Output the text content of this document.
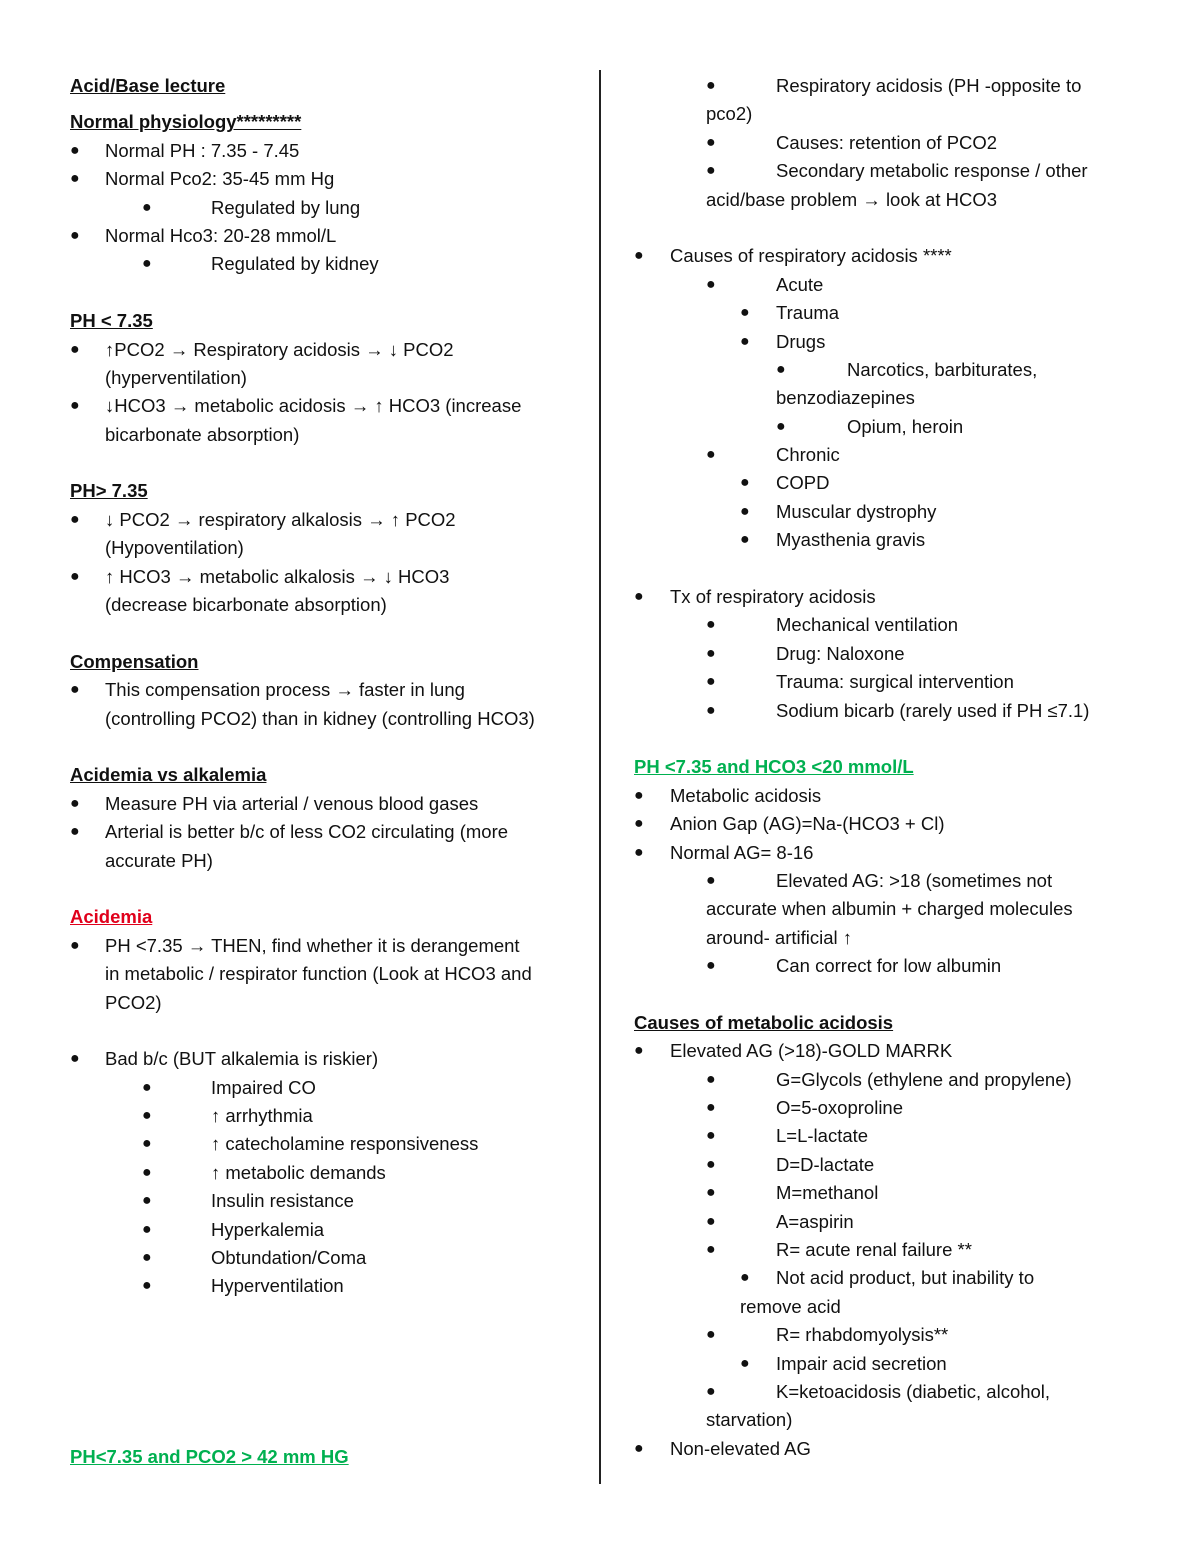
Acid/Base lecture
Normal physiology*********
● Normal PH : 7.35 - 7.45
● Normal Pco2: 35-45 mm Hg
●	Regulated by lung
● Normal Hco3: 20-28 mmol/L
●	Regulated by kidney
PH < 7.35
● ↑PCO2 → Respiratory acidosis → ↓ PCO2
(hyperventilation)
● ↓HCO3 → metabolic acidosis → ↑ HCO3 (increase
bicarbonate absorption)
PH> 7.35
● ↓ PCO2 → respiratory alkalosis → ↑ PCO2
(Hypoventilation)
● ↑ HCO3 → metabolic alkalosis → ↓ HCO3
(decrease bicarbonate absorption)
Compensation
● This compensation process → faster in lung
(controlling PCO2) than in kidney (controlling HCO3)
Acidemia vs alkalemia
● Measure PH via arterial / venous blood gases
● Arterial is better b/c of less CO2 circulating (more
accurate PH)
Acidemia
● PH <7.35 → THEN, find whether it is derangement
in metabolic / respirator function (Look at HCO3 and
PCO2)
● Bad b/c (BUT alkalemia is riskier)
●	Impaired CO
●	↑ arrhythmia
●	↑ catecholamine responsiveness
●	↑ metabolic demands
●	Insulin resistance
●	Hyperkalemia
●	Obtundation/Coma
●	Hyperventilation
PH<7.35 and PCO2 > 42 mm HG
●	Respiratory acidosis (PH -opposite to
pco2)
●	Causes: retention of PCO2
●	Secondary metabolic response / other
acid/base problem → look at HCO3
● Causes of respiratory acidosis ****
●	Acute
● Trauma
● Drugs
●	Narcotics, barbiturates,
benzodiazepines
●	Opium, heroin
●	Chronic
● COPD
● Muscular dystrophy
● Myasthenia gravis
● Tx of respiratory acidosis
●	Mechanical ventilation
●	Drug: Naloxone
●	Trauma: surgical intervention
●	Sodium bicarb (rarely used if PH ≤7.1)
PH <7.35 and HCO3 <20 mmol/L
● Metabolic acidosis
● Anion Gap (AG)=Na-(HCO3 + Cl)
● Normal AG= 8-16
●	Elevated AG: >18 (sometimes not
accurate when albumin + charged molecules
around- artificial ↑
●	Can correct for low albumin
Causes of metabolic acidosis
● Elevated AG (>18)-GOLD MARRK
●	G=Glycols (ethylene and propylene)
●	O=5-oxoproline
●	L=L-lactate
●	D=D-lactate
●	M=methanol
●	A=aspirin
●	R= acute renal failure **
● Not acid product, but inability to
remove acid
●	R= rhabdomyolysis**
● Impair acid secretion
●	K=ketoacidosis (diabetic, alcohol,
starvation)
● Non-elevated AG
